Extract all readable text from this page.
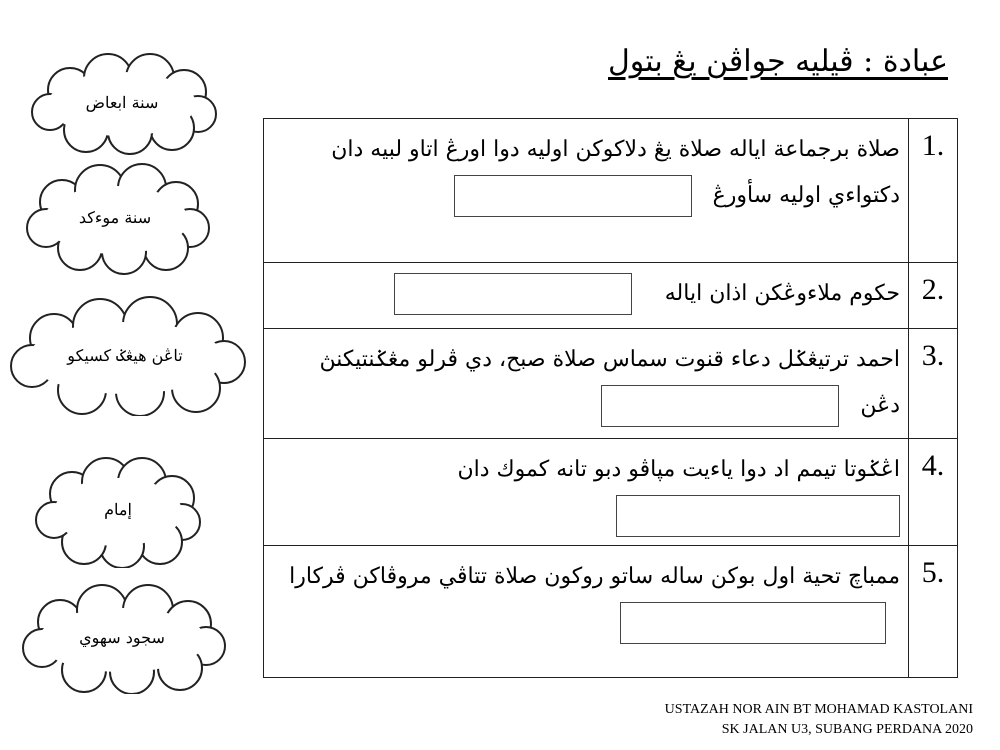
عبادة : ڤيليه جواڤن يڠ بتول
سنة ابعاض
سنة موءكد
تاڠن هيڠݢ كسيكو
إمام
سجود سهوي
صلاة برجماعة اياله صلاة يڠ دلاكوكن اوليه دوا اورڠ اتاو لبيه دان دكتواءي اوليه سأورڠ	1.
حكوم ملاءوڠكن اذان اياله	2.
احمد ترتيڠݢل دعاء قنوت سماس صلاة صبح، دي ڤرلو مڠݢنتيكنڽ دڠن	3.
اڠݢوتا تيمم اد دوا ياءيت مڽاڤو دبو تانه كموك دان	4.
ممباچ تحية اول بوكن ساله ساتو روكون صلاة تتاڤي مروڤاكن ڤركارا	5.
USTAZAH NOR AIN BT MOHAMAD KASTOLANI
SK JALAN U3, SUBANG PERDANA 2020
